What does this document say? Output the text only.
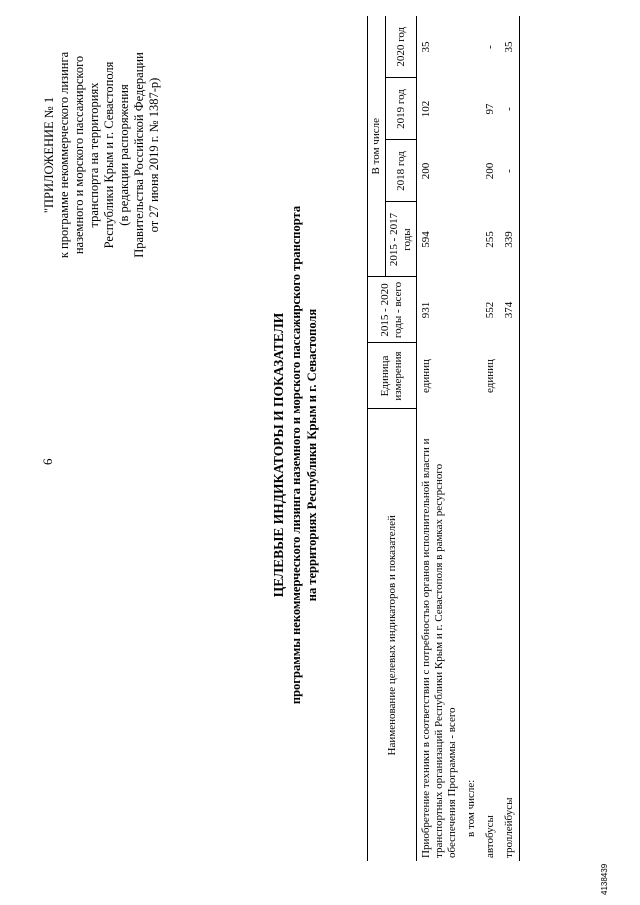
6
"ПРИЛОЖЕНИЕ № 1 к программе некоммерческого лизинга наземного и морского пассажирского транспорта на территориях Республики Крым и г. Севастополя (в редакции распоряжения Правительства Российской Федерации от 27 июня 2019 г. № 1387-р)
ЦЕЛЕВЫЕ ИНДИКАТОРЫ И ПОКАЗАТЕЛИ программы некоммерческого лизинга наземного и морского пассажирского транспорта на территориях Республики Крым и г. Севастополя
Наименование целевых индикаторов и показателей	Единица измерения	2015 - 2020 годы - всего	В том числе			
			2015 - 2017 годы	2018 год	2019 год	2020 год
Приобретение техники в соответствии с потребностью органов исполнительной власти и транспортных организаций Республики Крым и г. Севастополя в рамках ресурсного обеспечения Программы - всего	единиц	931	594	200	102	35
в том числе:						
автобусы	единиц	552	255	200	97	-
троллейбусы		374	339	-	-	35
4138439
